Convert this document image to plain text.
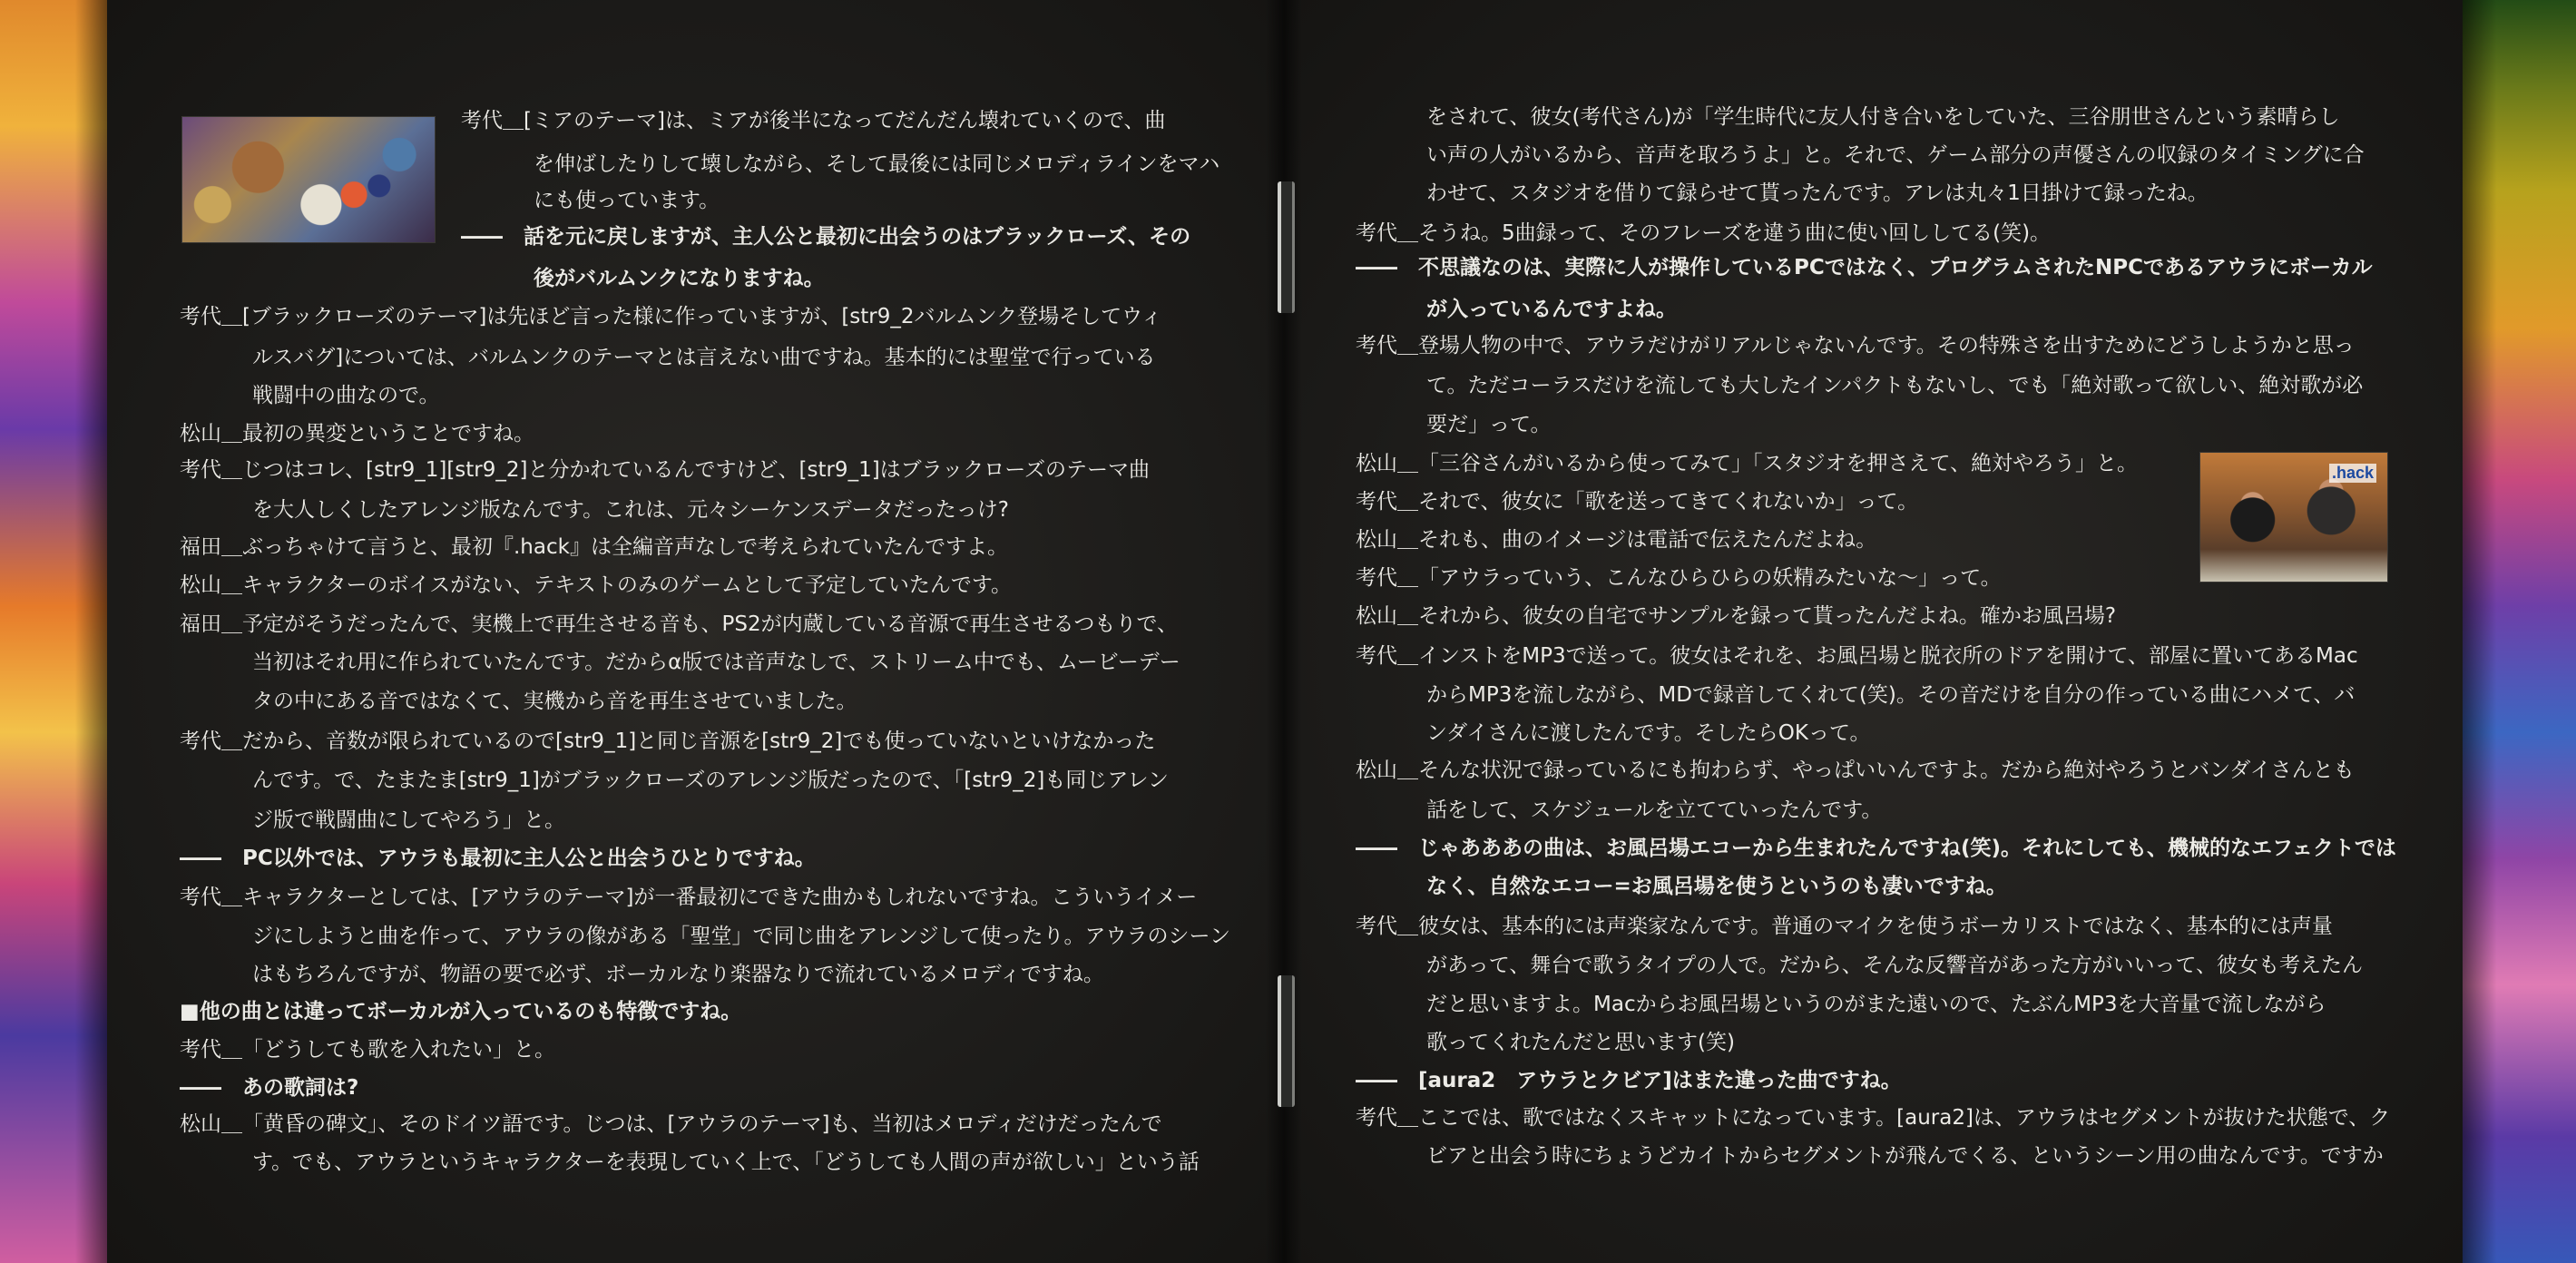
.hack
考代＿[ミアのテーマ]は、ミアが後半になってだんだん壊れていくので、曲
を伸ばしたりして壊しながら、そして最後には同じメロディラインをマハ
にも使っています。
――　話を元に戻しますが、主人公と最初に出会うのはブラックローズ、その
後がバルムンクになりますね。
考代＿[ブラックローズのテーマ]は先ほど言った様に作っていますが、[str9_2バルムンク登場そしてウィ
ルスバグ]については、バルムンクのテーマとは言えない曲ですね。基本的には聖堂で行っている
戦闘中の曲なので。
松山＿最初の異変ということですね。
考代＿じつはコレ、[str9_1][str9_2]と分かれているんですけど、[str9_1]はブラックローズのテーマ曲
を大人しくしたアレンジ版なんです。これは、元々シーケンスデータだったっけ?
福田＿ぶっちゃけて言うと、最初『.hack』は全編音声なしで考えられていたんですよ。
松山＿キャラクターのボイスがない、テキストのみのゲームとして予定していたんです。
福田＿予定がそうだったんで、実機上で再生させる音も、PS2が内蔵している音源で再生させるつもりで、
当初はそれ用に作られていたんです。だからα版では音声なしで、ストリーム中でも、ムービーデー
タの中にある音ではなくて、実機から音を再生させていました。
考代＿だから、音数が限られているので[str9_1]と同じ音源を[str9_2]でも使っていないといけなかった
んです。で、たまたま[str9_1]がブラックローズのアレンジ版だったので、「[str9_2]も同じアレン
ジ版で戦闘曲にしてやろう」と。
――　PC以外では、アウラも最初に主人公と出会うひとりですね。
考代＿キャラクターとしては、[アウラのテーマ]が一番最初にできた曲かもしれないですね。こういうイメー
ジにしようと曲を作って、アウラの像がある「聖堂」で同じ曲をアレンジして使ったり。アウラのシーン
はもちろんですが、物語の要で必ず、ボーカルなり楽器なりで流れているメロディですね。
■他の曲とは違ってボーカルが入っているのも特徴ですね。
考代＿「どうしても歌を入れたい」と。
――　あの歌詞は?
松山＿「黄昏の碑文」、そのドイツ語です。じつは、[アウラのテーマ]も、当初はメロディだけだったんで
す。でも、アウラというキャラクターを表現していく上で、「どうしても人間の声が欲しい」という話
をされて、彼女(考代さん)が「学生時代に友人付き合いをしていた、三谷朋世さんという素晴らし
い声の人がいるから、音声を取ろうよ」と。それで、ゲーム部分の声優さんの収録のタイミングに合
わせて、スタジオを借りて録らせて貰ったんです。アレは丸々1日掛けて録ったね。
考代＿そうね。5曲録って、そのフレーズを違う曲に使い回ししてる(笑)。
――　不思議なのは、実際に人が操作しているPCではなく、プログラムされたNPCであるアウラにボーカル
が入っているんですよね。
考代＿登場人物の中で、アウラだけがリアルじゃないんです。その特殊さを出すためにどうしようかと思っ
て。ただコーラスだけを流しても大したインパクトもないし、でも「絶対歌って欲しい、絶対歌が必
要だ」って。
松山＿「三谷さんがいるから使ってみて」「スタジオを押さえて、絶対やろう」と。
考代＿それで、彼女に「歌を送ってきてくれないか」って。
松山＿それも、曲のイメージは電話で伝えたんだよね。
考代＿「アウラっていう、こんなひらひらの妖精みたいな～」って。
松山＿それから、彼女の自宅でサンプルを録って貰ったんだよね。確かお風呂場?
考代＿インストをMP3で送って。彼女はそれを、お風呂場と脱衣所のドアを開けて、部屋に置いてあるMac
からMP3を流しながら、MDで録音してくれて(笑)。その音だけを自分の作っている曲にハメて、バ
ンダイさんに渡したんです。そしたらOKって。
松山＿そんな状況で録っているにも拘わらず、やっぱいいんですよ。だから絶対やろうとバンダイさんとも
話をして、スケジュールを立てていったんです。
――　じゃあああの曲は、お風呂場エコーから生まれたんですね(笑)。それにしても、機械的なエフェクトでは
なく、自然なエコー=お風呂場を使うというのも凄いですね。
考代＿彼女は、基本的には声楽家なんです。普通のマイクを使うボーカリストではなく、基本的には声量
があって、舞台で歌うタイプの人で。だから、そんな反響音があった方がいいって、彼女も考えたん
だと思いますよ。Macからお風呂場というのがまた遠いので、たぶんMP3を大音量で流しながら
歌ってくれたんだと思います(笑)
――　[aura2　アウラとクビア]はまた違った曲ですね。
考代＿ここでは、歌ではなくスキャットになっています。[aura2]は、アウラはセグメントが抜けた状態で、ク
ビアと出会う時にちょうどカイトからセグメントが飛んでくる、というシーン用の曲なんです。ですか
